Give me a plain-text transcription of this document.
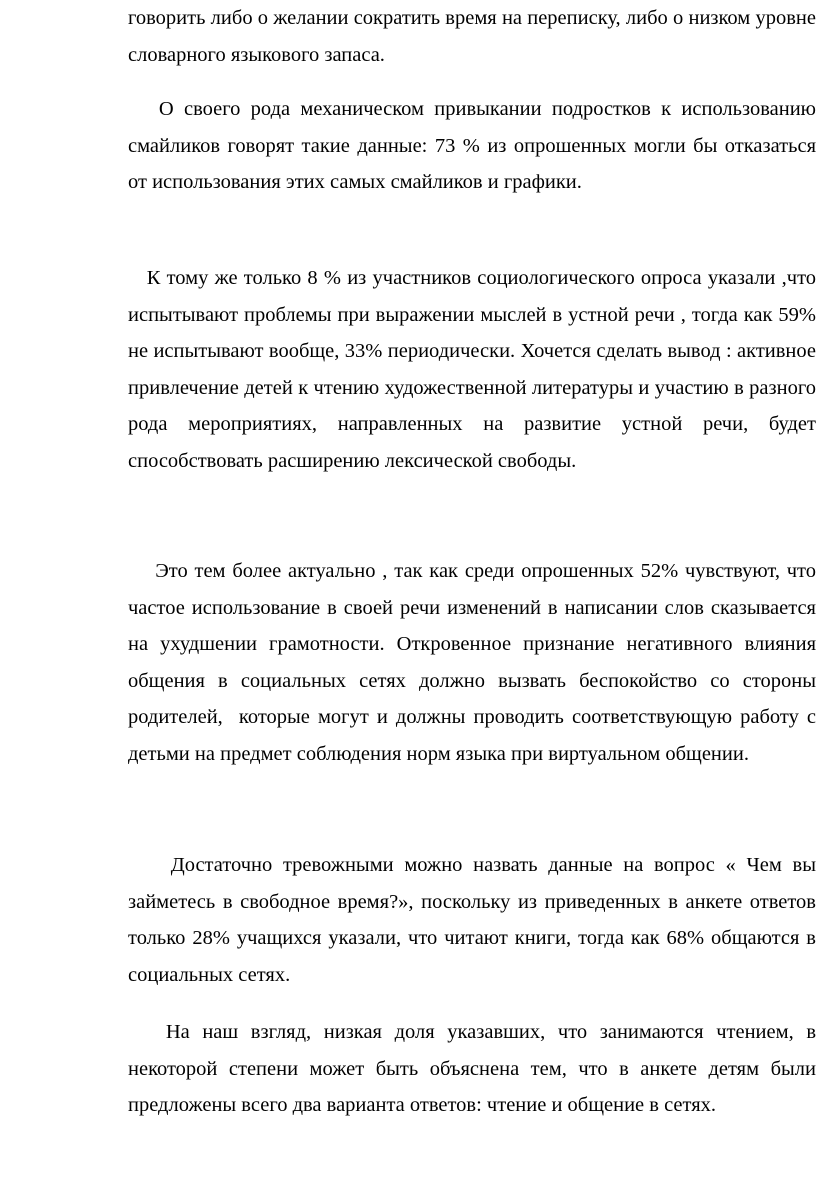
говорить либо о желании сократить время на переписку, либо о низком уровне словарного языкового запаса.

О своего рода механическом привыкании подростков к использованию смайликов говорят такие данные: 73 % из опрошенных могли бы отказаться от использования этих самых смайликов и графики.

К тому же только 8 % из участников социологического опроса указали ,что испытывают проблемы при выражении мыслей в устной речи , тогда как 59% не испытывают вообще, 33% периодически. Хочется сделать вывод : активное привлечение детей к чтению художественной литературы и участию в разного рода мероприятиях, направленных на развитие устной речи, будет способствовать расширению лексической свободы.

Это тем более актуально , так как среди опрошенных 52% чувствуют, что частое использование в своей речи изменений в написании слов сказывается на ухудшении грамотности. Откровенное признание негативного влияния общения в социальных сетях должно вызвать беспокойство со стороны родителей,  которые могут и должны проводить соответствующую работу с детьми на предмет соблюдения норм языка при виртуальном общении.

Достаточно тревожными можно назвать данные на вопрос « Чем вы займетесь в свободное время?», поскольку из приведенных в анкете ответов только 28% учащихся указали, что читают книги, тогда как 68% общаются в социальных сетях.

На наш взгляд, низкая доля указавших, что занимаются чтением, в некоторой степени может быть объяснена тем, что в анкете детям были предложены всего два варианта ответов: чтение и общение в сетях.
